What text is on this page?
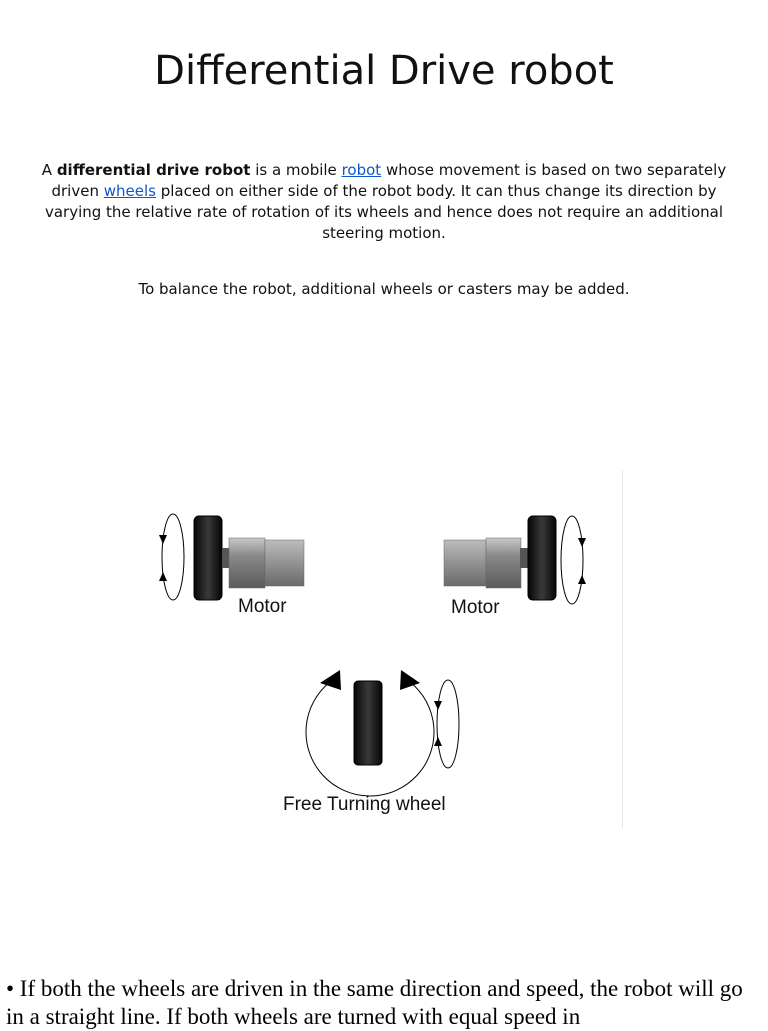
Differential Drive robot
A differential drive robot is a mobile robot whose movement is based on two separately driven wheels placed on either side of the robot body. It can thus change its direction by varying the relative rate of rotation of its wheels and hence does not require an additional steering motion.
To balance the robot, additional wheels or casters may be added.
Motor	Motor
Free Turning wheel
• If both the wheels are driven in the same direction and speed, the robot will go in a straight line. If both wheels are turned with equal speed in
